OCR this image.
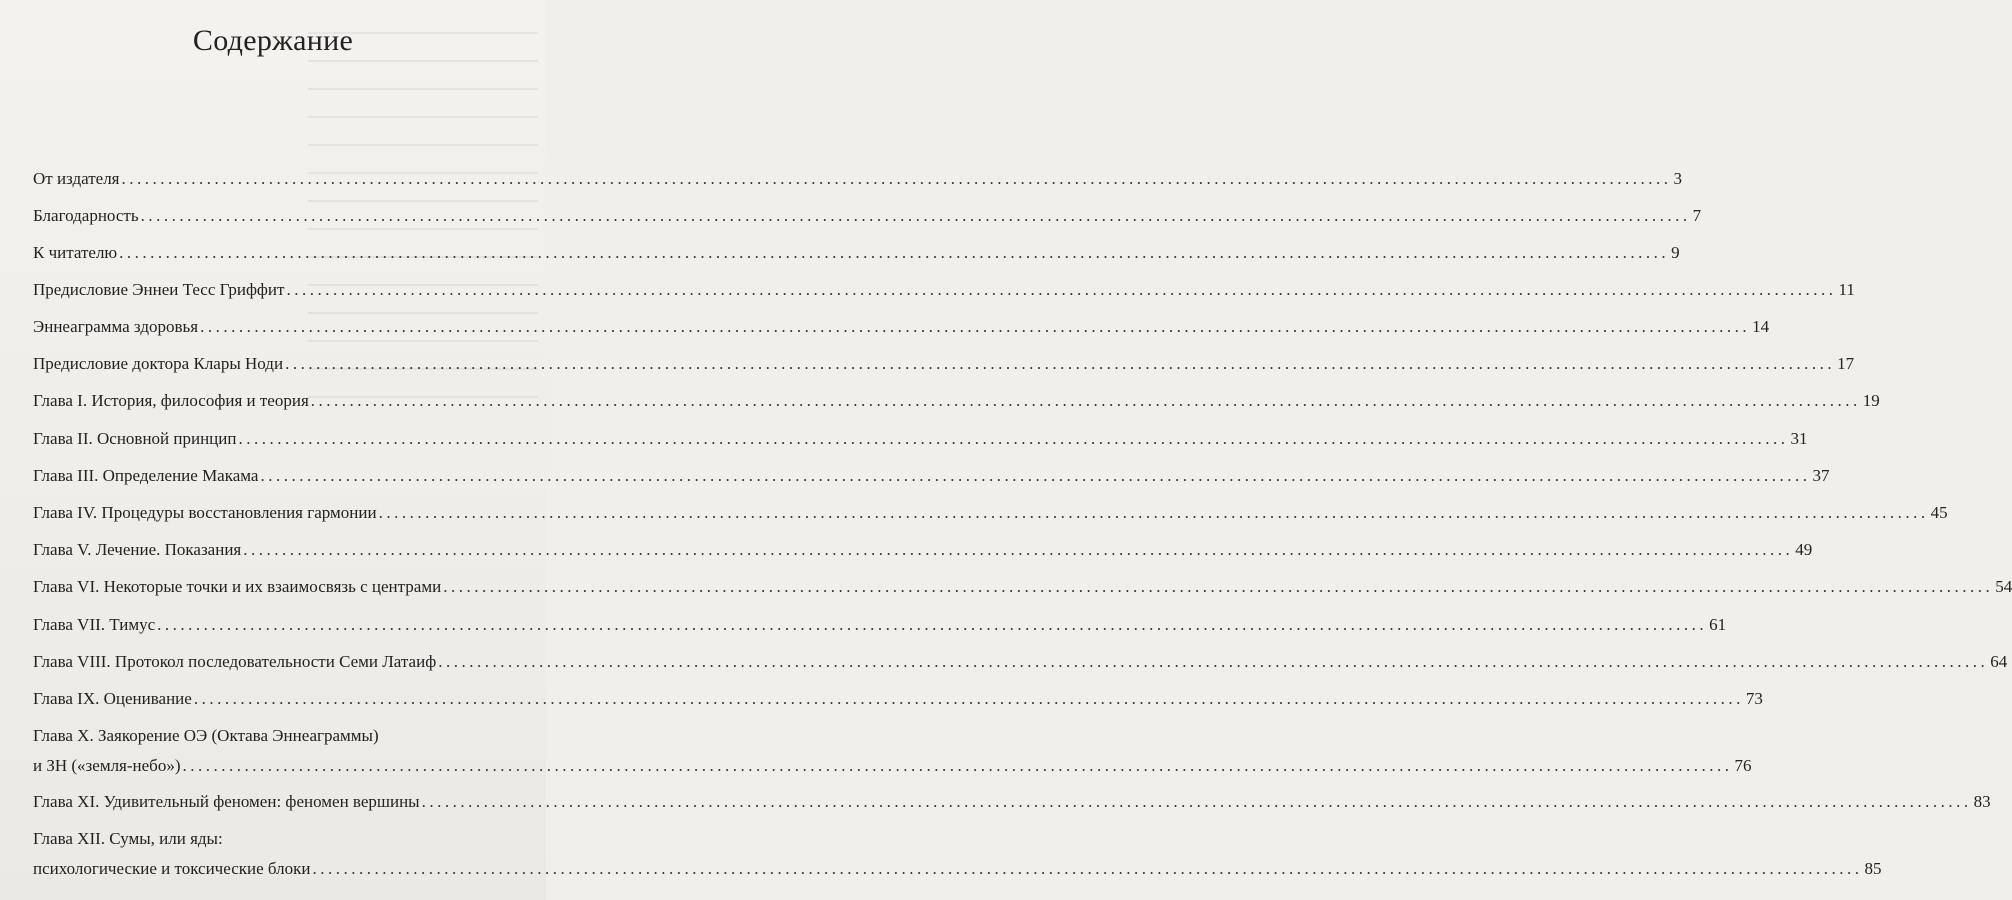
Содержание
От издателя ........................................................................................................................................................................................................ 3
Благодарность ........................................................................................................................................................................................................ 7
К читателю ........................................................................................................................................................................................................ 9
Предисловие Эннеи Тесс Гриффит ........................................................................................................................................................................................................ 11
Эннеаграмма здоровья ........................................................................................................................................................................................................ 14
Предисловие доктора Клары Ноди ........................................................................................................................................................................................................ 17
Глава I. История, философия и теория ........................................................................................................................................................................................................ 19
Глава II. Основной принцип ........................................................................................................................................................................................................ 31
Глава III. Определение Макама ........................................................................................................................................................................................................ 37
Глава IV. Процедуры восстановления гармонии ........................................................................................................................................................................................................ 45
Глава V. Лечение. Показания ........................................................................................................................................................................................................ 49
Глава VI. Некоторые точки и их взаимосвязь с центрами ........................................................................................................................................................................................................ 54
Глава VII. Тимус ........................................................................................................................................................................................................ 61
Глава VIII. Протокол последовательности Семи Латаиф ........................................................................................................................................................................................................ 64
Глава IX. Оценивание ........................................................................................................................................................................................................ 73
Глава X. Заякорение ОЭ (Октава Эннеаграммы)
и ЗН («земля-небо») ........................................................................................................................................................................................................ 76
Глава XI. Удивительный феномен: феномен вершины ........................................................................................................................................................................................................ 83
Глава XII. Сумы, или яды:
психологические и токсические блоки ........................................................................................................................................................................................................ 85
